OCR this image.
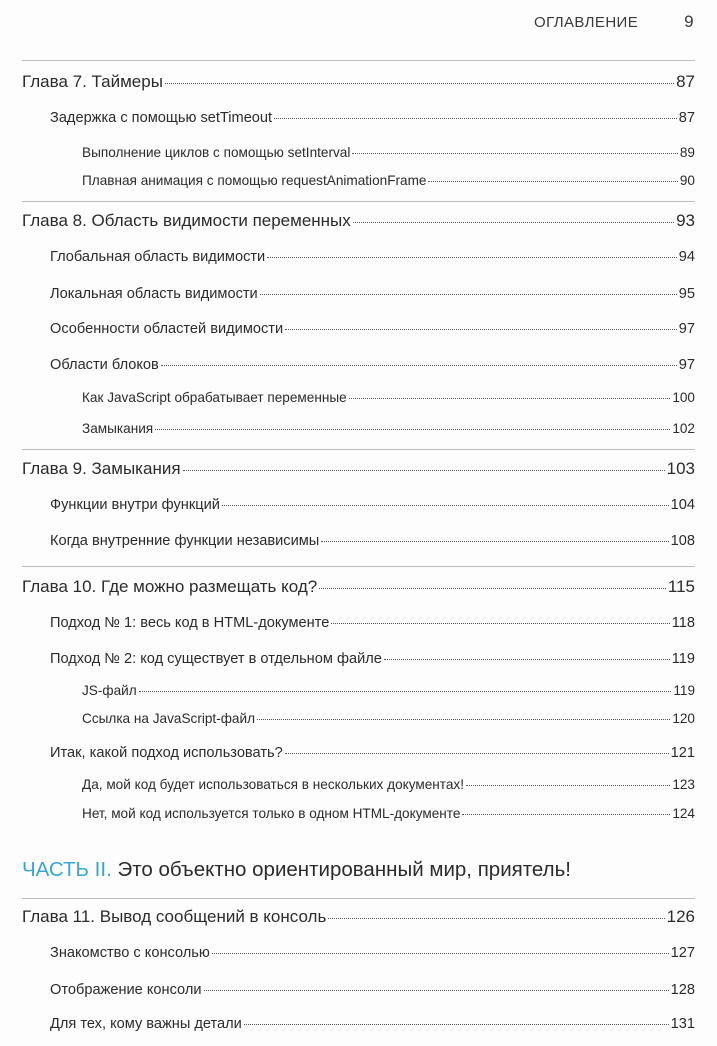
ОГЛАВЛЕНИЕ	9
Глава 7. Таймеры	87
Задержка с помощью setTimeout	87
Выполнение циклов с помощью setInterval	89
Плавная анимация с помощью requestAnimationFrame	90
Глава 8. Область видимости переменных	93
Глобальная область видимости	94
Локальная область видимости	95
Особенности областей видимости	97
Области блоков	97
Как JavaScript обрабатывает переменные	100
Замыкания	102
Глава 9. Замыкания	103
Функции внутри функций	104
Когда внутренние функции независимы	108
Глава 10. Где можно размещать код?	115
Подход № 1: весь код в HTML-документе	118
Подход № 2: код существует в отдельном файле	119
JS-файл	119
Ссылка на JavaScript-файл	120
Итак, какой подход использовать?	121
Да, мой код будет использоваться в нескольких документах!	123
Нет, мой код используется только в одном HTML-документе	124
ЧАСТЬ II. Это объектно ориентированный мир, приятель!
Глава 11. Вывод сообщений в консоль	126
Знакомство с консолью	127
Отображение консоли	128
Для тех, кому важны детали	131
